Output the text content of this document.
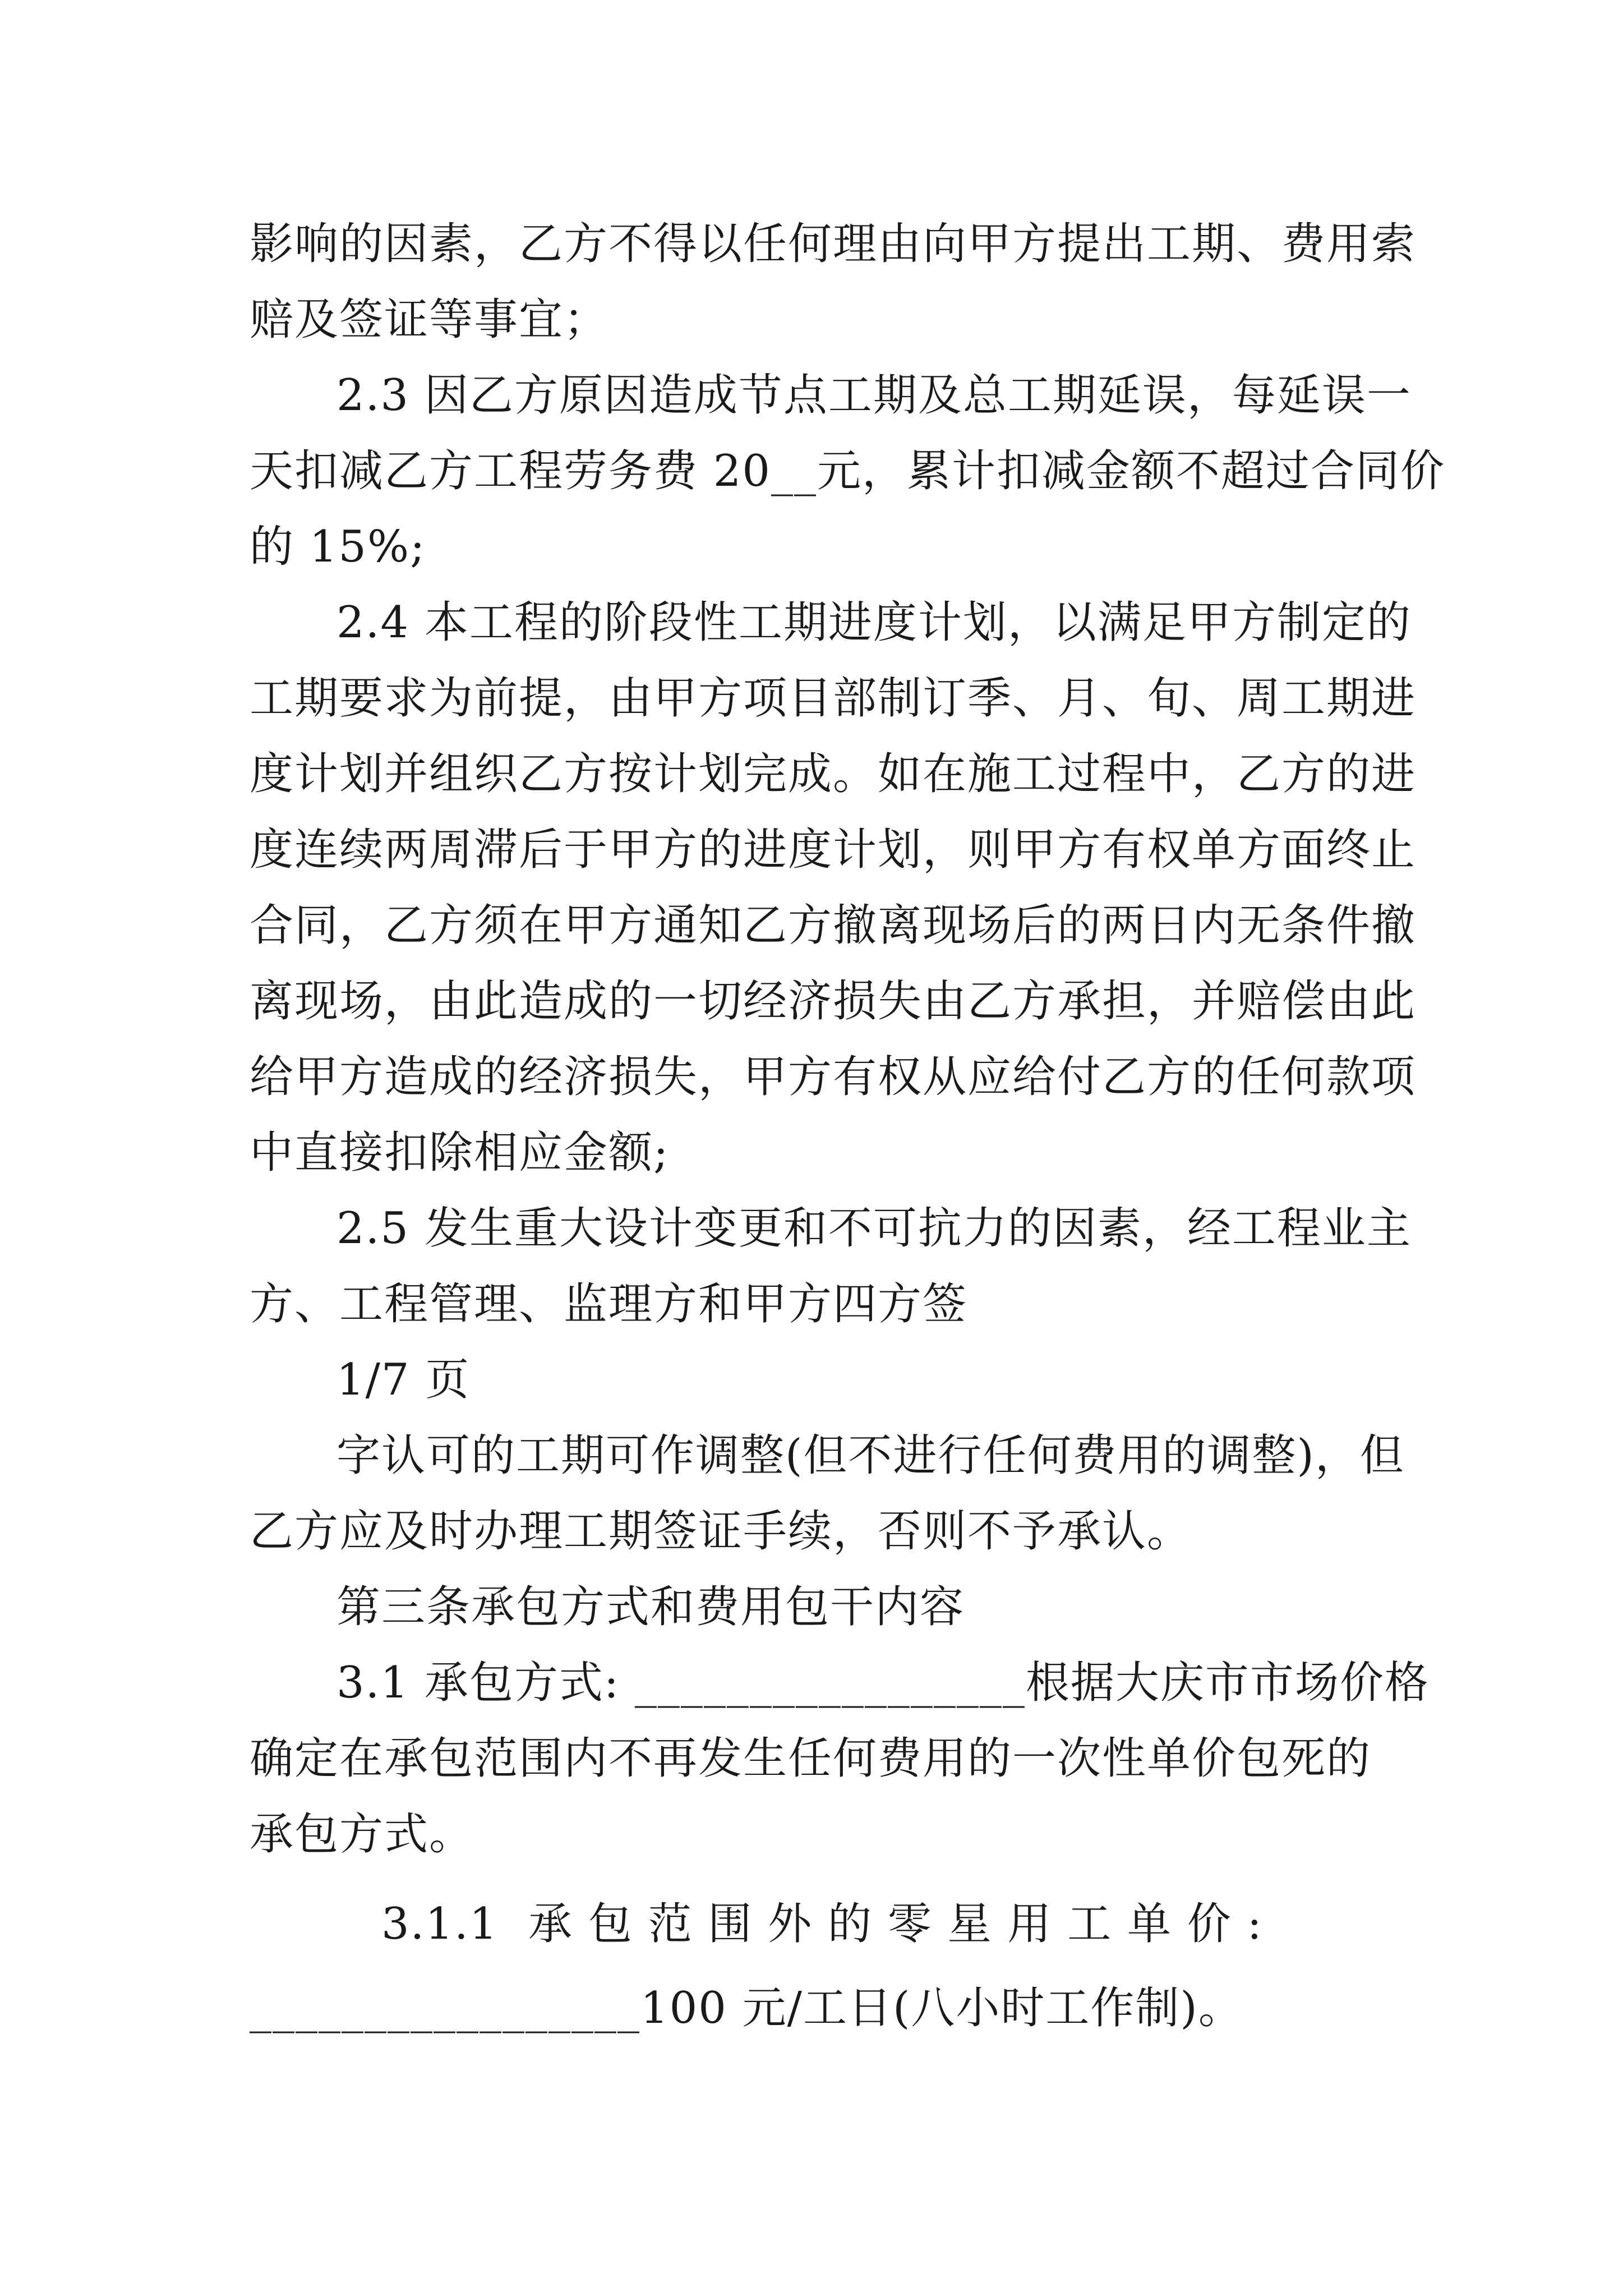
影响的因素，乙方不得以任何理由向甲方提出工期、费用索
赔及签证等事宜；
2.3 因乙方原因造成节点工期及总工期延误，每延误一
天扣减乙方工程劳务费 20__元，累计扣减金额不超过合同价
的 15%;
2.4 本工程的阶段性工期进度计划，以满足甲方制定的
工期要求为前提，由甲方项目部制订季、月、旬、周工期进
度计划并组织乙方按计划完成。如在施工过程中，乙方的进
度连续两周滞后于甲方的进度计划，则甲方有权单方面终止
合同，乙方须在甲方通知乙方撤离现场后的两日内无条件撤
离现场，由此造成的一切经济损失由乙方承担，并赔偿由此
给甲方造成的经济损失，甲方有权从应给付乙方的任何款项
中直接扣除相应金额;
2.5 发生重大设计变更和不可抗力的因素，经工程业主
方、工程管理、监理方和甲方四方签
1/7 页
字认可的工期可作调整(但不进行任何费用的调整)，但
乙方应及时办理工期签证手续，否则不予承认。
第三条承包方式和费用包干内容
3.1 承包方式: _________________根据大庆市市场价格
确定在承包范围内不再发生任何费用的一次性单价包死的
承包方式。
3.1.1  承 包 范 围 外 的 零 星 用 工 单 价 :
_________________100 元/工日(八小时工作制)。
